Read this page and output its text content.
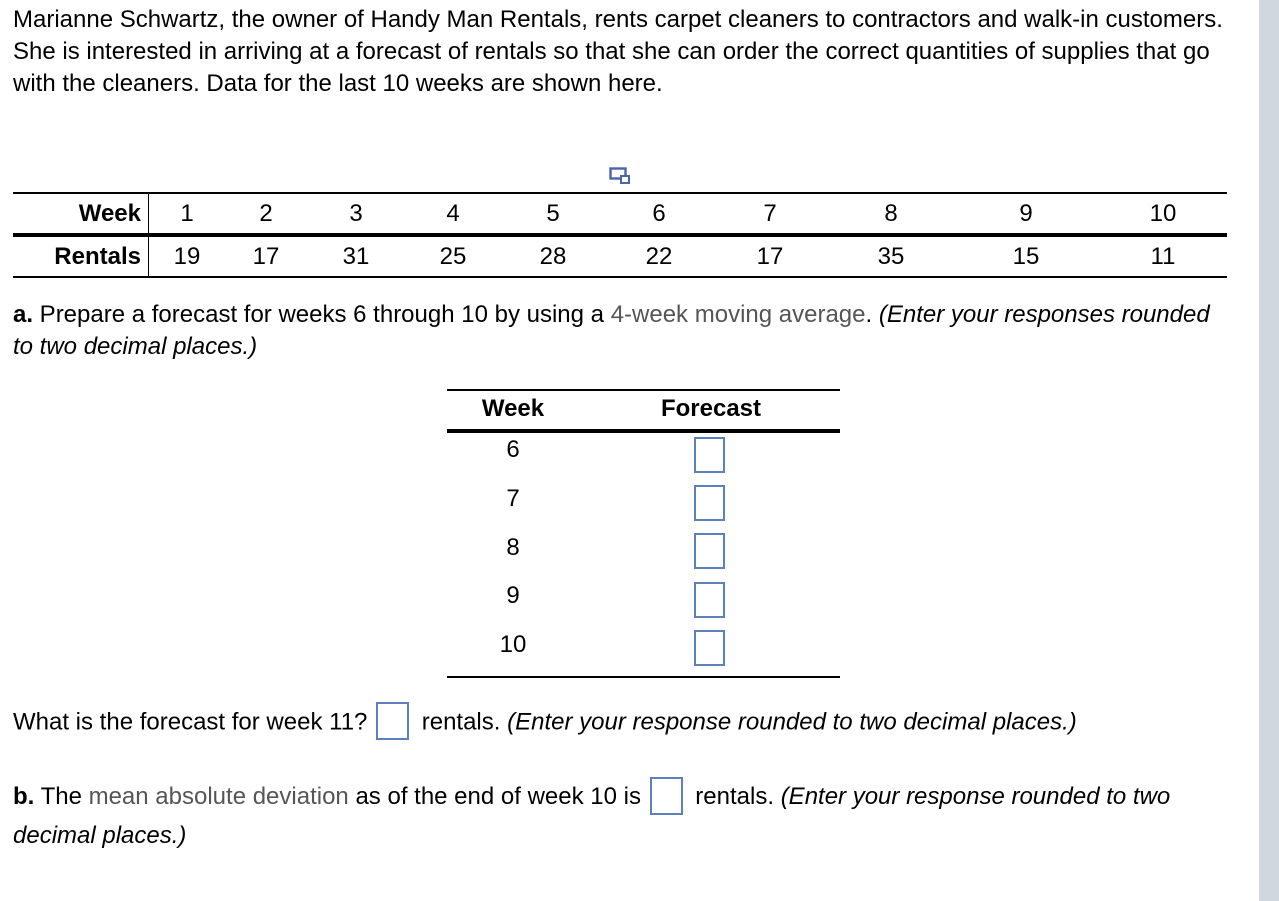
Marianne Schwartz, the owner of Handy Man Rentals, rents carpet cleaners to contractors and walk-in customers. She is interested in arriving at a forecast of rentals so that she can order the correct quantities of supplies that go with the cleaners. Data for the last 10 weeks are shown here.

Week	1	2	3	4	5	6	7	8	9	10
Rentals	19	17	31	25	28	22	17	35	15	11

a. Prepare a forecast for weeks 6 through 10 by using a 4-week moving average. (Enter your responses rounded to two decimal places.)

Week	Forecast
6
7
8
9
10

What is the forecast for week 11?  rentals. (Enter your response rounded to two decimal places.)

b. The mean absolute deviation as of the end of week 10 is  rentals. (Enter your response rounded to two decimal places.)
